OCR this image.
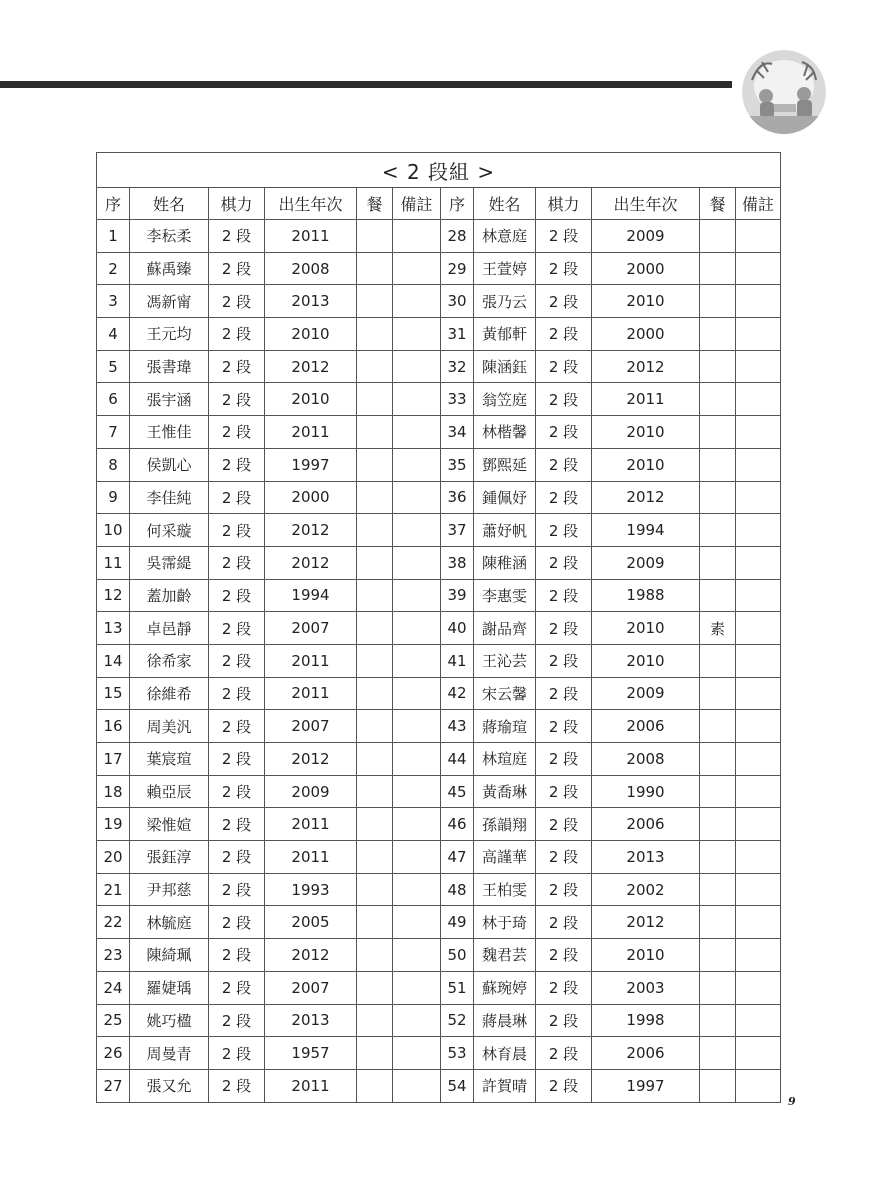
< 2 段組 >											
序	姓名	棋力	出生年次	餐	備註	序	姓名	棋力	出生年次	餐	備註
1	李秐柔	2 段	2011			28	林意庭	2 段	2009		
2	蘇禹臻	2 段	2008			29	王萱婷	2 段	2000		
3	馮新甯	2 段	2013			30	張乃云	2 段	2010		
4	王元均	2 段	2010			31	黃郁軒	2 段	2000		
5	張書瑋	2 段	2012			32	陳涵鈺	2 段	2012		
6	張宇涵	2 段	2010			33	翁笠庭	2 段	2011		
7	王惟佳	2 段	2011			34	林楷馨	2 段	2010		
8	侯凱心	2 段	1997			35	鄧熙延	2 段	2010		
9	李佳純	2 段	2000			36	鍾佩妤	2 段	2012		
10	何采璇	2 段	2012			37	蕭妤帆	2 段	1994		
11	吳霈緹	2 段	2012			38	陳稚涵	2 段	2009		
12	蓋加齡	2 段	1994			39	李惠雯	2 段	1988		
13	卓邑靜	2 段	2007			40	謝品齊	2 段	2010	素	
14	徐希家	2 段	2011			41	王沁芸	2 段	2010		
15	徐維希	2 段	2011			42	宋云馨	2 段	2009		
16	周美汎	2 段	2007			43	蔣瑜瑄	2 段	2006		
17	葉宸瑄	2 段	2012			44	林瑄庭	2 段	2008		
18	賴亞辰	2 段	2009			45	黃喬琳	2 段	1990		
19	梁惟媗	2 段	2011			46	孫韻翔	2 段	2006		
20	張鈺淳	2 段	2011			47	高謹華	2 段	2013		
21	尹邦慈	2 段	1993			48	王柏雯	2 段	2002		
22	林毓庭	2 段	2005			49	林于琦	2 段	2012		
23	陳綺珮	2 段	2012			50	魏君芸	2 段	2010		
24	羅婕瑀	2 段	2007			51	蘇琬婷	2 段	2003		
25	姚巧楹	2 段	2013			52	蔣晨琳	2 段	1998		
26	周曼青	2 段	1957			53	林育晨	2 段	2006		
27	張又允	2 段	2011			54	許賀晴	2 段	1997		
9
